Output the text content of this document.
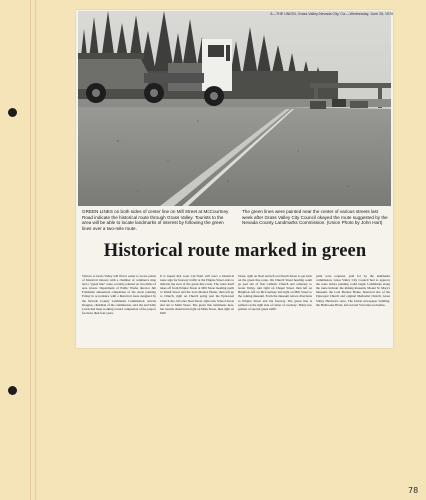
6—THE UNION, Grass Valley-Nevada City, Ca.—Wednesday, June 28, 1978
GREEN LINES on both sides of center line on Mill Street at McCourtney Road indicate the historical route through Grass Valley. Tourists to the area will be able to locate landmarks of interest by following the green lines over a two-mile route.
The green lines were painted near the center of various streets last week after Grass Valley City Council okayed the route suggested by the Nevada County Landmarks Commission. (Union Photo by John Hart)
Historical route marked in green
Visitors to Grass Valley will find it easier to locate points of historical interest with a chamber of commerce map and a "green line" route, recently painted on two miles of area streets. Department of Public Works director Jim Franzman announced completion of the street painting Friday in accordance with a historical route designed by the Nevada County Landmarks Commission. Arlette Douglas, chairman of the commission, said she and Sally Lewis had been working toward completion of the project for more than four years.
It is hoped that soon Cal-Trans will erect a historical route sign for freeway traffic at the Empire Street exits to indicate the start of the green line route. The route itself takes off from Empire Street at Mill Street heading north to Walsh Street and the Lola Montez Home, then left up to Church, right on Church going past the Episcopal Church site, left onto Neal Street, right onto School Street and out to Main Street. The green line terminates here, but tourists should turn right on Main Street, then right on Mill
Street, right on Neal and left on Church Street to get back on the green line route. On Church Street heading south go past site of first Catholic Church and cemetery to Grass Valley, turn right on Chapel Street, then left on Brighton, left on McCourtney and right on Mill Street to the coming museum. From the museum retrace directions to Empire Street and the freeway. The green line is painted on the right side of center of roadway. Thirty-two gallons of special green traffic
paint were required, paid for by the landmarks commission. Grass Valley City Council had to approve the route before painting could begin. Landmarks along the route include: the mining museum, Mount St. Mary's museum, the Lola Montez Home, historical site of the Episcopal Church and original Methodist Church, Grass Valley Hardware store, The Union newspaper building, the Holbrooke Hotel, and several Victorian era homes.
78
